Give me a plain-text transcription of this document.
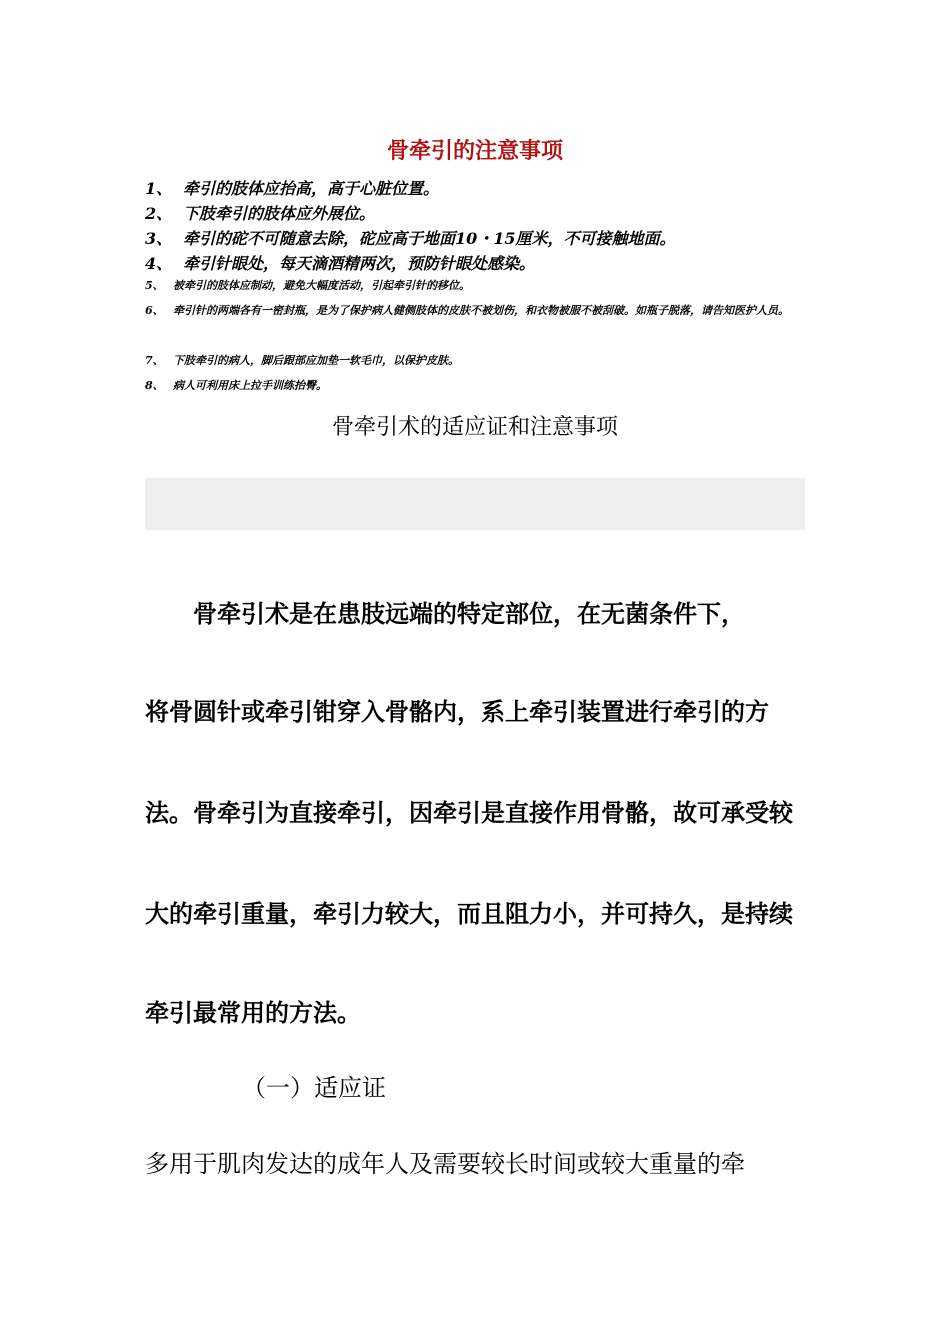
骨牵引的注意事项
1、 牵引的肢体应抬高，高于心脏位置。
2、 下肢牵引的肢体应外展位。
3、 牵引的砣不可随意去除，砣应高于地面10・15厘米，不可接触地面。
4、 牵引针眼处，每天滴酒精两次，预防针眼处感染。
5、 被牵引的肢体应制动，避免大幅度活动，引起牵引针的移位。
6、 牵引针的两端各有一密封瓶，是为了保护病人健侧肢体的皮肤不被划伤，和衣物被服不被刮破。如瓶子脱落，请告知医护人员。
7、 下肢牵引的病人，脚后跟部应加垫一软毛巾，以保护皮肤。
8、 病人可利用床上拉手训练抬臀。
骨牵引术的适应证和注意事项
　　骨牵引术是在患肢远端的特定部位，在无菌条件下，
将骨圆针或牵引钳穿入骨骼内，系上牵引装置进行牵引的方
法。骨牵引为直接牵引，因牵引是直接作用骨骼，故可承受较
大的牵引重量，牵引力较大，而且阻力小，并可持久，是持续
牵引最常用的方法。
（一）适应证
多用于肌肉发达的成年人及需要较长时间或较大重量的牵
